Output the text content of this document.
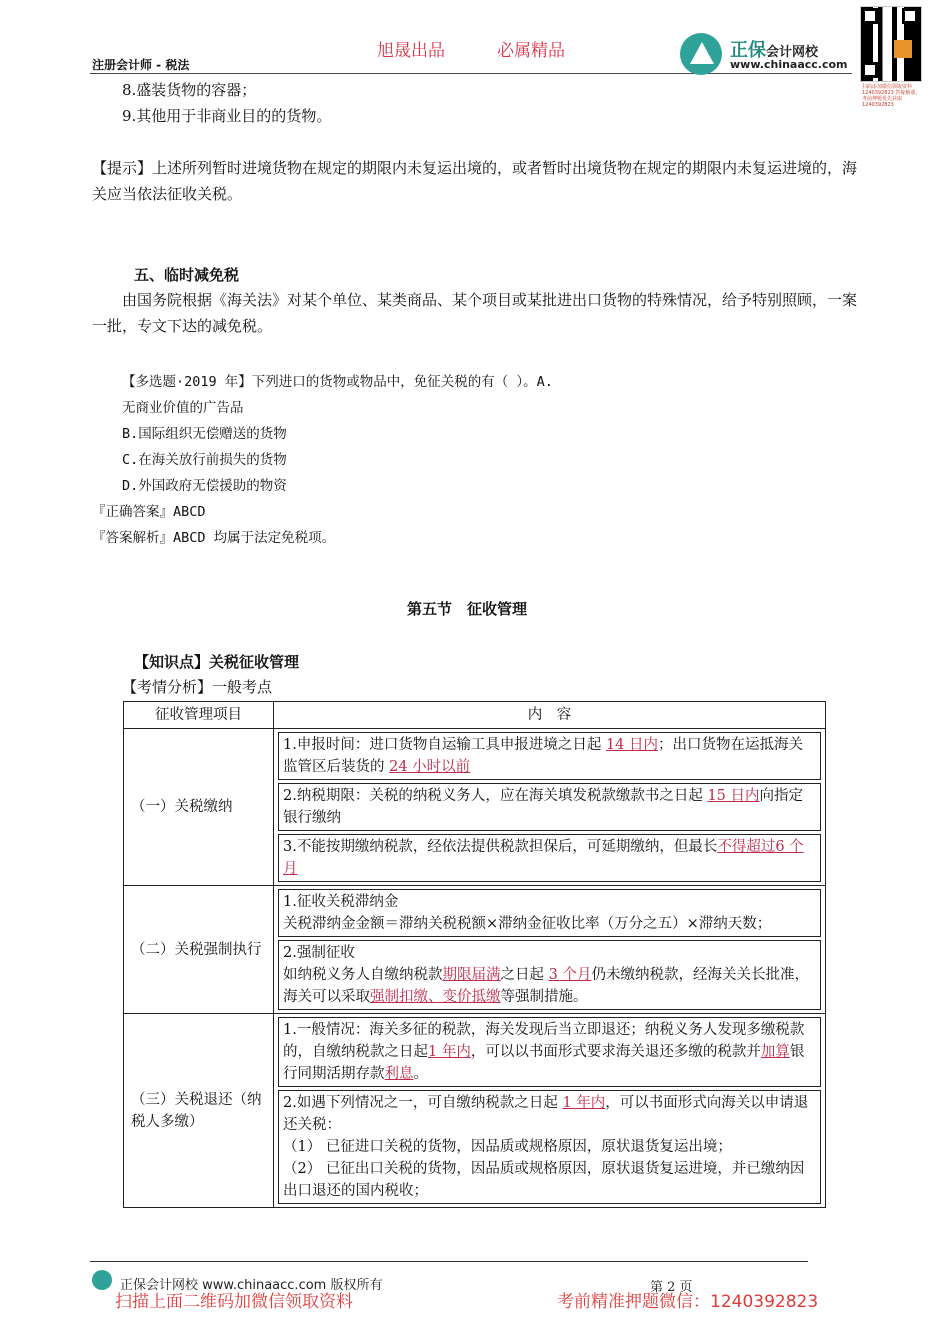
旭晟出品	必属精品
注册会计师 - 税法
正保会计网校
www.chinaacc.com
扫码添加微信领取资料 1240392823 答疑解惑，考前押题优先获取 1240392823
8.盛装货物的容器；
9.其他用于非商业目的的货物。
【提示】上述所列暂时进境货物在规定的期限内未复运出境的，或者暂时出境货物在规定的期限内未复运进境的，海关应当依法征收关税。
五、临时减免税
由国务院根据《海关法》对某个单位、某类商品、某个项目或某批进出口货物的特殊情况，给予特别照顾，一案一批，专文下达的减免税。
【多选题·2019 年】下列进口的货物或物品中，免征关税的有（ ）。A.
无商业价值的广告品
B.国际组织无偿赠送的货物
C.在海关放行前损失的货物
D.外国政府无偿援助的物资
『正确答案』ABCD
『答案解析』ABCD 均属于法定免税项。
第五节　征收管理
【知识点】关税征收管理
【考情分析】一般考点
征收管理项目	内　容
（一）关税缴纳	1.申报时间：进口货物自运输工具申报进境之日起 14 日内；出口货物在运抵海关监管区后装货的 24 小时以前
2.纳税期限：关税的纳税义务人，应在海关填发税款缴款书之日起 15 日内向指定银行缴纳
3.不能按期缴纳税款，经依法提供税款担保后，可延期缴纳，但最长不得超过6 个月

（二）关税强制执行	1.征收关税滞纳金
关税滞纳金金额＝滞纳关税税额×滞纳金征收比率（万分之五）×滞纳天数；
2.强制征收
如纳税义务人自缴纳税款期限届满之日起 3 个月仍未缴纳税款，经海关关长批准，海关可以采取强制扣缴、变价抵缴等强制措施。

（三）关税退还（纳税人多缴）	1.一般情况：海关多征的税款，海关发现后当立即退还；纳税义务人发现多缴税款的，自缴纳税款之日起1 年内，可以以书面形式要求海关退还多缴的税款并加算银行同期活期存款利息。
2.如遇下列情况之一，可自缴纳税款之日起 1 年内，可以书面形式向海关以申请退还关税：
（1） 已征进口关税的货物，因品质或规格原因，原状退货复运出境；
（2） 已征出口关税的货物，因品质或规格原因，原状退货复运进境，并已缴纳因出口退还的国内税收；
正保会计网校 www.chinaacc.com 版权所有	第 2 页
扫描上面二维码加微信领取资料	考前精准押题微信：1240392823
